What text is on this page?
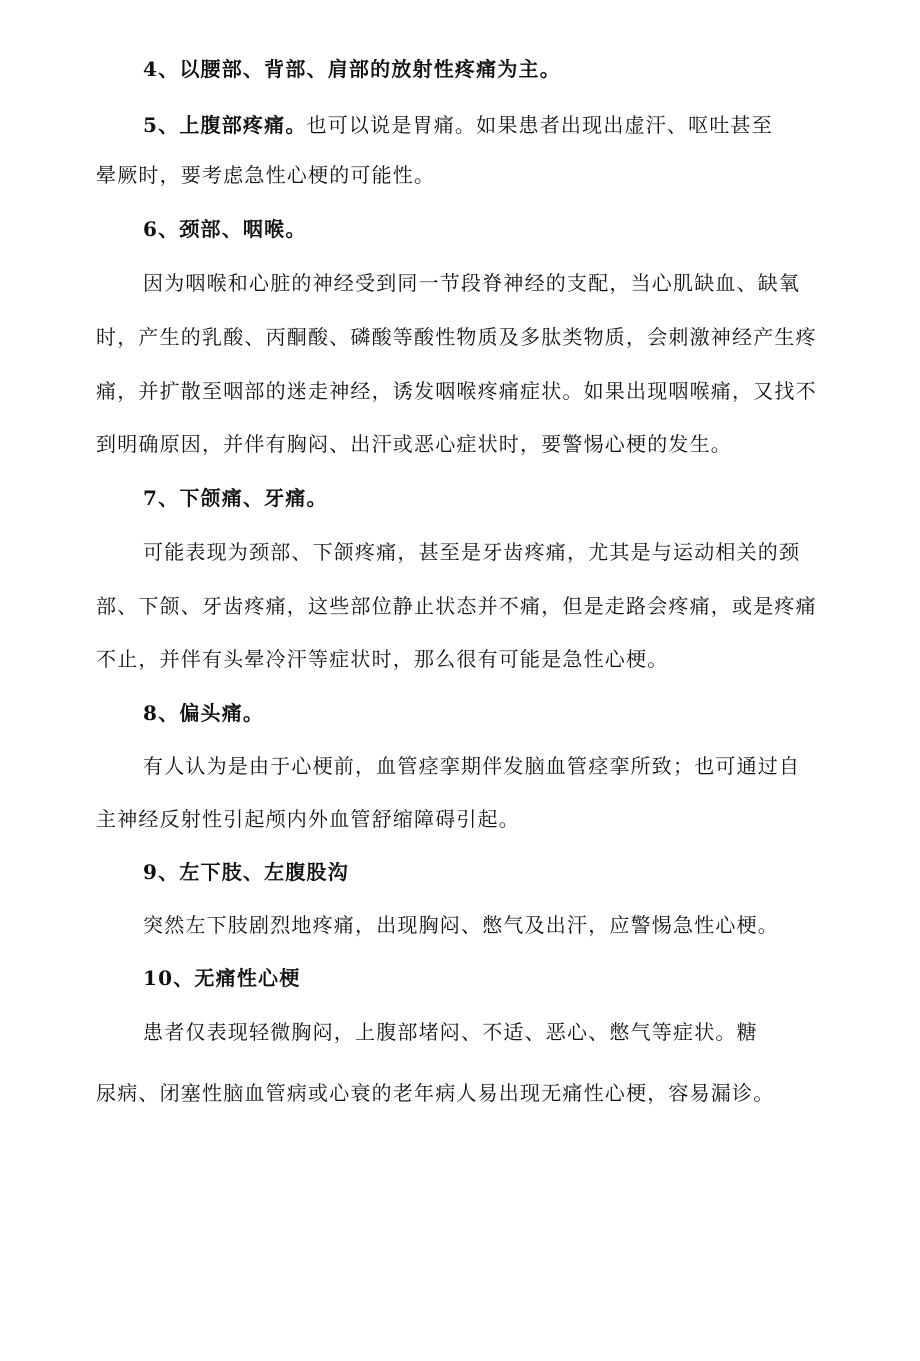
4、以腰部、背部、肩部的放射性疼痛为主。
5、上腹部疼痛。也可以说是胃痛。如果患者出现出虚汗、呕吐甚至
晕厥时，要考虑急性心梗的可能性。
6、颈部、咽喉。
因为咽喉和心脏的神经受到同一节段脊神经的支配，当心肌缺血、缺氧
时，产生的乳酸、丙酮酸、磷酸等酸性物质及多肽类物质，会刺激神经产生疼
痛，并扩散至咽部的迷走神经，诱发咽喉疼痛症状。如果出现咽喉痛，又找不
到明确原因，并伴有胸闷、出汗或恶心症状时，要警惕心梗的发生。
7、下颌痛、牙痛。
可能表现为颈部、下颌疼痛，甚至是牙齿疼痛，尤其是与运动相关的颈
部、下颌、牙齿疼痛，这些部位静止状态并不痛，但是走路会疼痛，或是疼痛
不止，并伴有头晕冷汗等症状时，那么很有可能是急性心梗。
8、偏头痛。
有人认为是由于心梗前，血管痉挛期伴发脑血管痉挛所致；也可通过自
主神经反射性引起颅内外血管舒缩障碍引起。
9、左下肢、左腹股沟
突然左下肢剧烈地疼痛，出现胸闷、憋气及出汗，应警惕急性心梗。
10、无痛性心梗
患者仅表现轻微胸闷，上腹部堵闷、不适、恶心、憋气等症状。糖
尿病、闭塞性脑血管病或心衰的老年病人易出现无痛性心梗，容易漏诊。
